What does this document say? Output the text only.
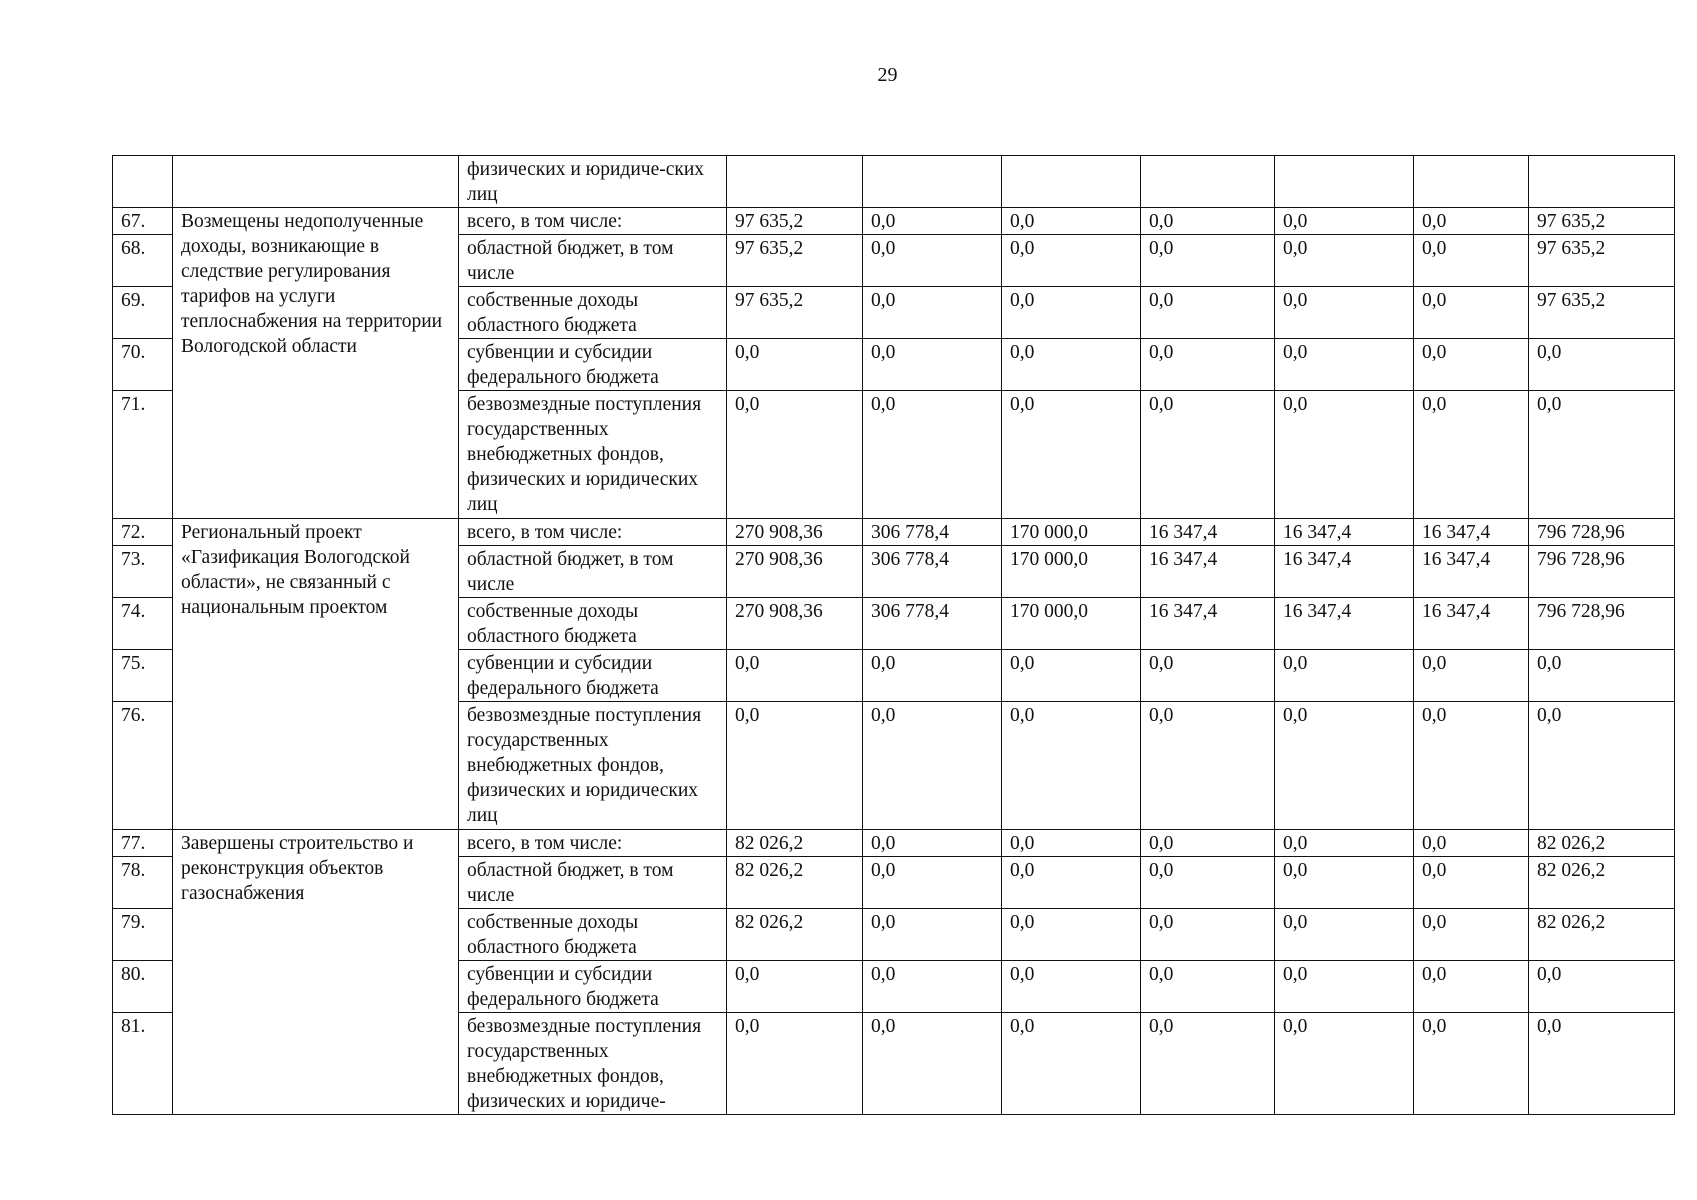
29
		физических и юридиче-ских лиц							
67.	Возмещены недополученные доходы, возникающие в следствие регулирования тарифов на услуги теплоснабжения на территории Вологодской области	всего, в том числе:	97 635,2	0,0	0,0	0,0	0,0	0,0	97 635,2
68.		областной бюджет, в том числе	97 635,2	0,0	0,0	0,0	0,0	0,0	97 635,2
69.		собственные доходы областного бюджета	97 635,2	0,0	0,0	0,0	0,0	0,0	97 635,2
70.		субвенции и субсидии федерального бюджета	0,0	0,0	0,0	0,0	0,0	0,0	0,0
71.		безвозмездные поступления государственных внебюджетных фондов, физических и юридических лиц	0,0	0,0	0,0	0,0	0,0	0,0	0,0
72.	Региональный проект «Газификация Вологодской области», не связанный с национальным проектом	всего, в том числе:	270 908,36	306 778,4	170 000,0	16 347,4	16 347,4	16 347,4	796 728,96
73.		областной бюджет, в том числе	270 908,36	306 778,4	170 000,0	16 347,4	16 347,4	16 347,4	796 728,96
74.		собственные доходы областного бюджета	270 908,36	306 778,4	170 000,0	16 347,4	16 347,4	16 347,4	796 728,96
75.		субвенции и субсидии федерального бюджета	0,0	0,0	0,0	0,0	0,0	0,0	0,0
76.		безвозмездные поступления государственных внебюджетных фондов, физических и юридических лиц	0,0	0,0	0,0	0,0	0,0	0,0	0,0
77.	Завершены строительство и реконструкция объектов газоснабжения	всего, в том числе:	82 026,2	0,0	0,0	0,0	0,0	0,0	82 026,2
78.		областной бюджет, в том числе	82 026,2	0,0	0,0	0,0	0,0	0,0	82 026,2
79.		собственные доходы областного бюджета	82 026,2	0,0	0,0	0,0	0,0	0,0	82 026,2
80.		субвенции и субсидии федерального бюджета	0,0	0,0	0,0	0,0	0,0	0,0	0,0
81.		безвозмездные поступления государственных внебюджетных фондов, физических и юридиче-	0,0	0,0	0,0	0,0	0,0	0,0	0,0
